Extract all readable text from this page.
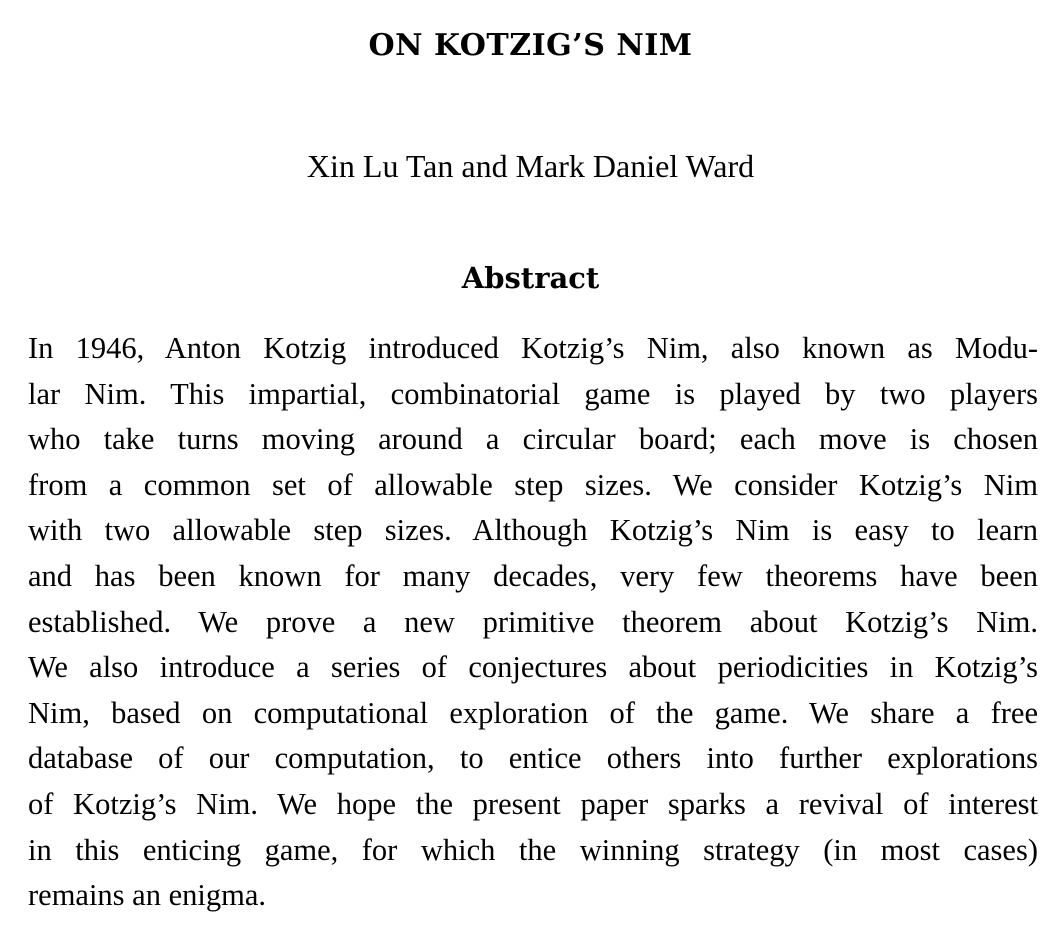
ON KOTZIG’S NIM
Xin Lu Tan and Mark Daniel Ward
Abstract
In 1946, Anton Kotzig introduced Kotzig’s Nim, also known as Modu-
lar Nim. This impartial, combinatorial game is played by two players
who take turns moving around a circular board; each move is chosen
from a common set of allowable step sizes. We consider Kotzig’s Nim
with two allowable step sizes. Although Kotzig’s Nim is easy to learn
and has been known for many decades, very few theorems have been
established. We prove a new primitive theorem about Kotzig’s Nim.
We also introduce a series of conjectures about periodicities in Kotzig’s
Nim, based on computational exploration of the game. We share a free
database of our computation, to entice others into further explorations
of Kotzig’s Nim. We hope the present paper sparks a revival of interest
in this enticing game, for which the winning strategy (in most cases)
remains an enigma.
